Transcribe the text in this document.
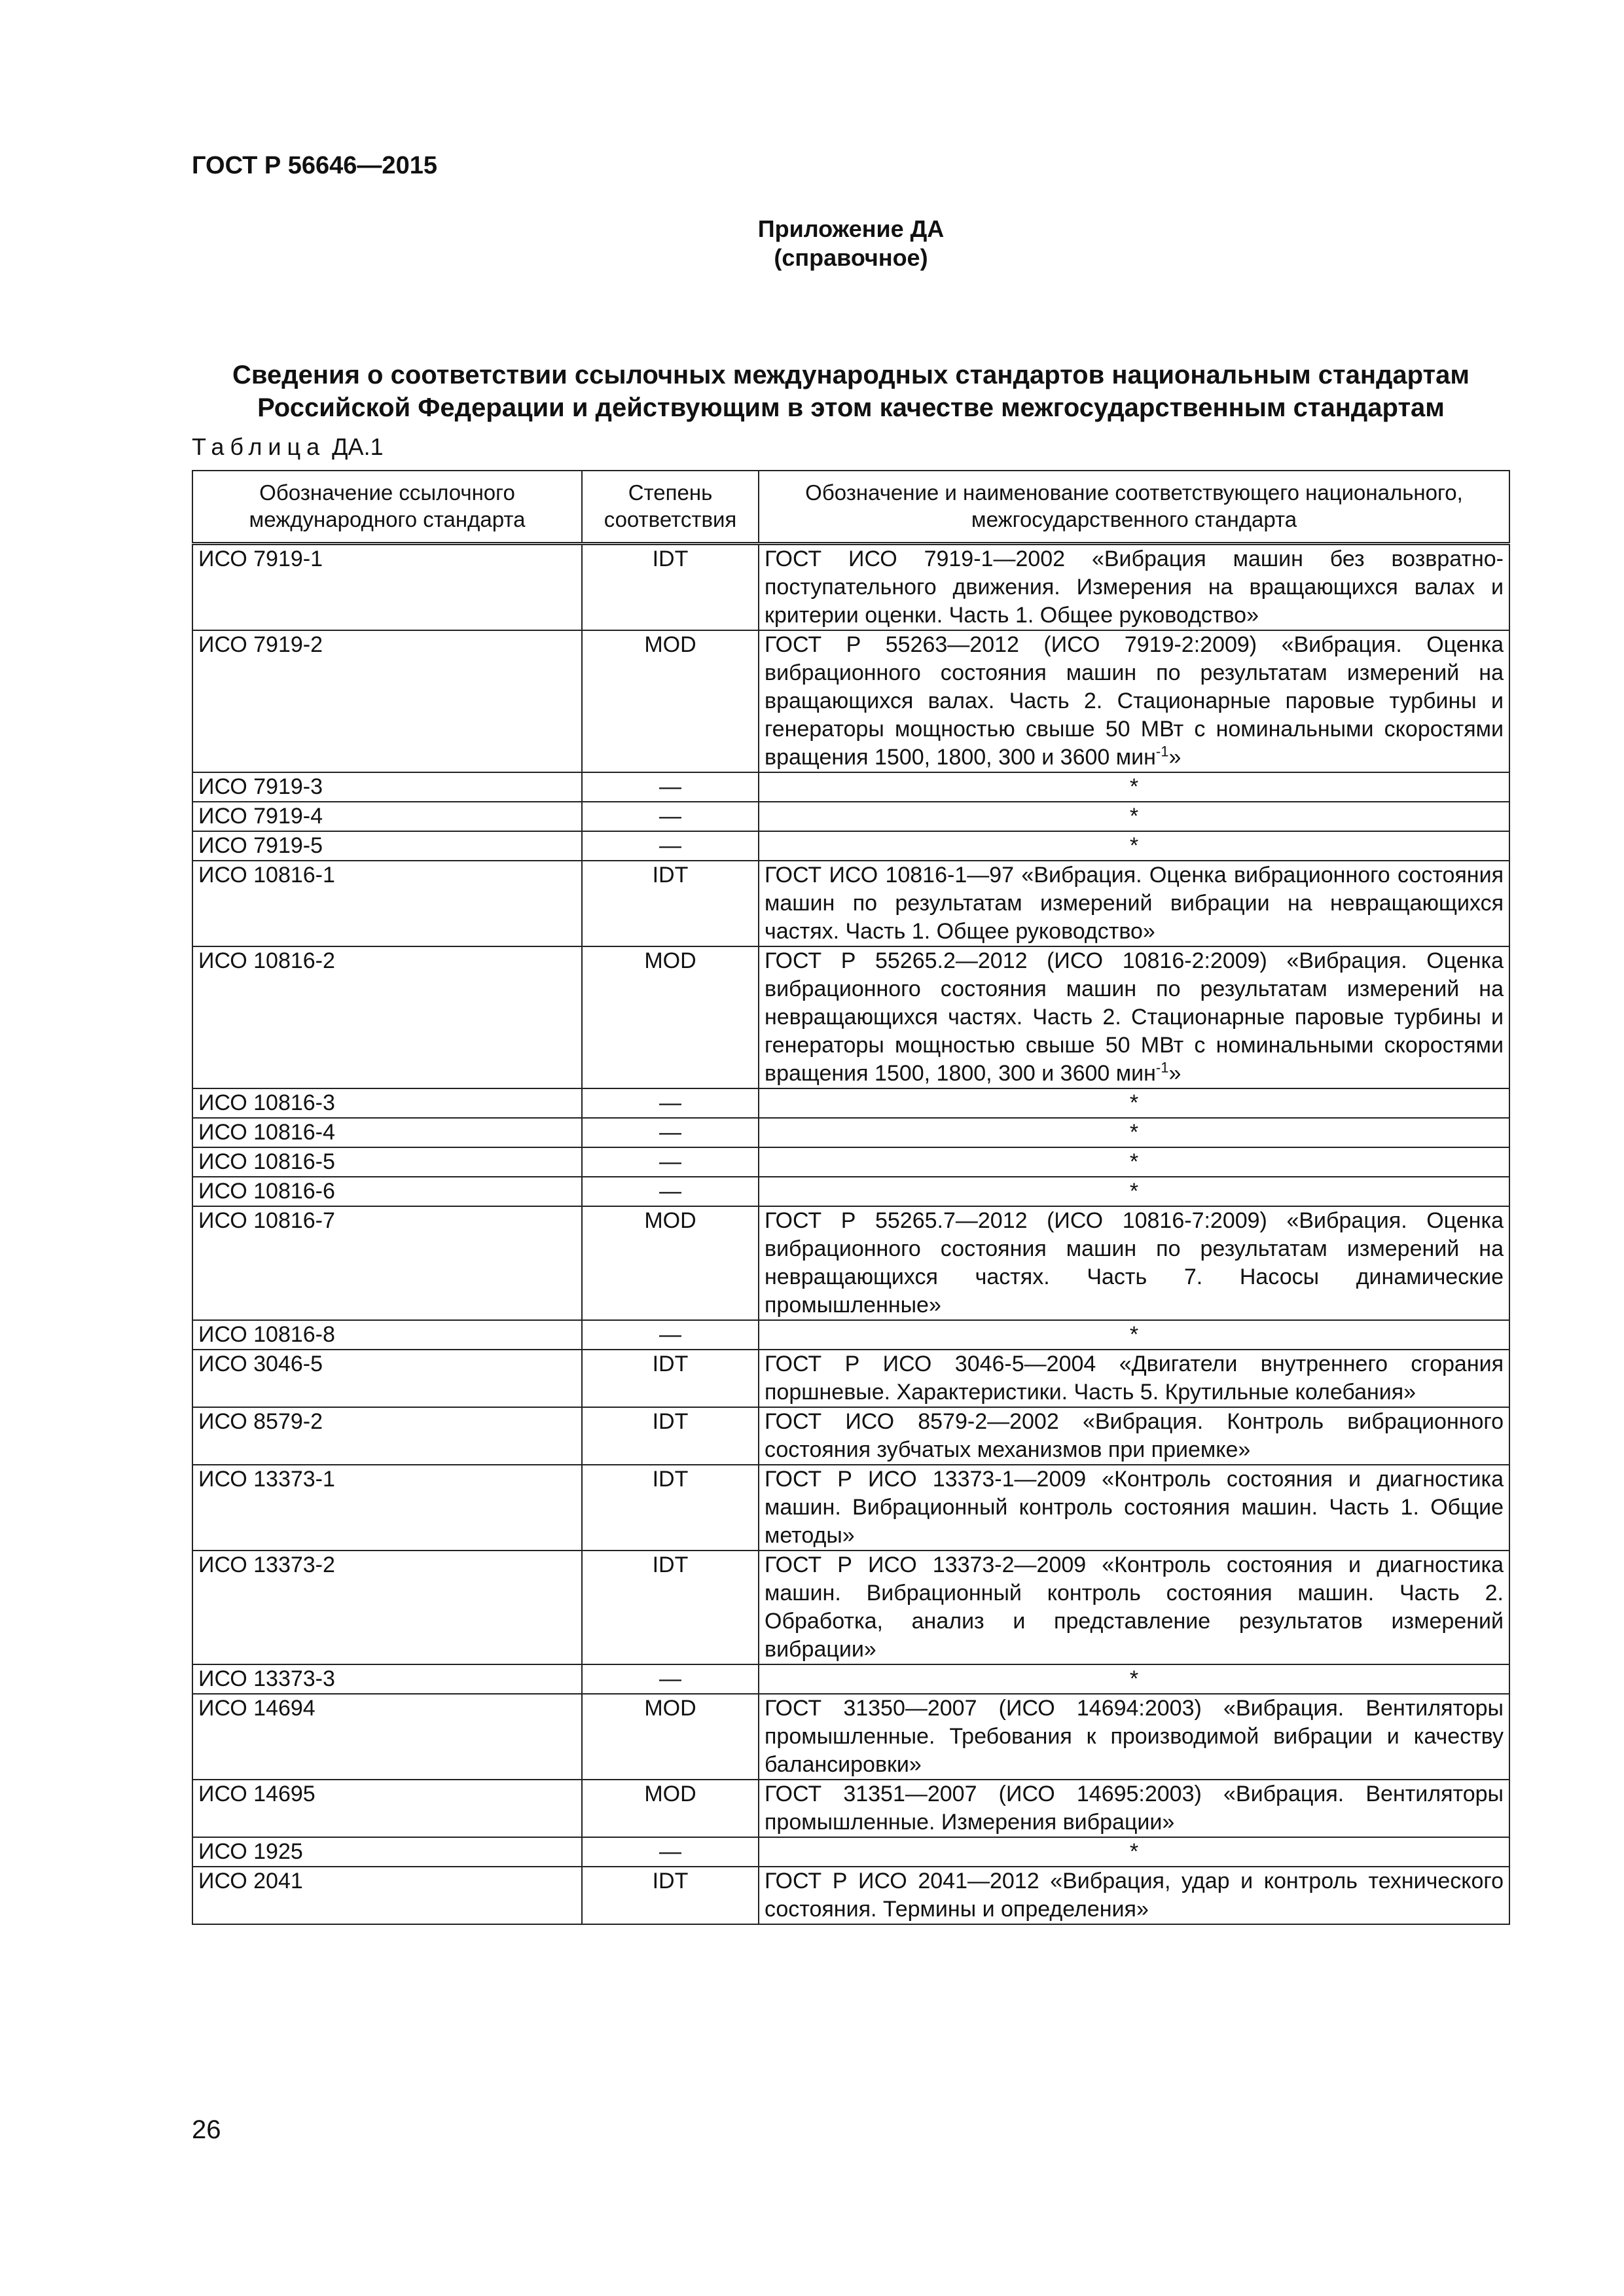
ГОСТ Р 56646—2015
Приложение ДА
(справочное)
Сведения о соответствии ссылочных международных стандартов национальным стандартам
Российской Федерации и действующим в этом качестве межгосударственным стандартам
Таблица ДА.1
Обозначение ссылочного международного стандарта	Степень соответствия	Обозначение и наименование соответствующего национального, межгосударственного стандарта
ИСО 7919-1	IDT	ГОСТ ИСО 7919-1—2002 «Вибрация машин без возвратно-поступательного движения. Измерения на вращающихся валах и критерии оценки. Часть 1. Общее руководство»
ИСО 7919-2	MOD	ГОСТ Р 55263—2012 (ИСО 7919-2:2009) «Вибрация. Оценка вибрационного состояния машин по результатам измерений на вращающихся валах. Часть 2. Стационарные паровые турбины и генераторы мощностью свыше 50 МВт с номинальными скоростями вращения 1500, 1800, 300 и 3600 мин$^{-1}$»
ИСО 7919-3	—	*
ИСО 7919-4	—	*
ИСО 7919-5	—	*
ИСО 10816-1	IDT	ГОСТ ИСО 10816-1—97 «Вибрация. Оценка вибрационного состояния машин по результатам измерений вибрации на невращающихся частях. Часть 1. Общее руководство»
ИСО 10816-2	MOD	ГОСТ Р 55265.2—2012 (ИСО 10816-2:2009) «Вибрация. Оценка вибрационного состояния машин по результатам измерений на невращающихся частях. Часть 2. Стационарные паровые турбины и генераторы мощностью свыше 50 МВт с номинальными скоростями вращения 1500, 1800, 300 и 3600 мин$^{-1}$»
ИСО 10816-3	—	*
ИСО 10816-4	—	*
ИСО 10816-5	—	*
ИСО 10816-6	—	*
ИСО 10816-7	MOD	ГОСТ Р 55265.7—2012 (ИСО 10816-7:2009) «Вибрация. Оценка вибрационного состояния машин по результатам измерений на невращающихся частях. Часть 7. Насосы динамические промышленные»
ИСО 10816-8	—	*
ИСО 3046-5	IDT	ГОСТ Р ИСО 3046-5—2004 «Двигатели внутреннего сгорания поршневые. Характеристики. Часть 5. Крутильные колебания»
ИСО 8579-2	IDT	ГОСТ ИСО 8579-2—2002 «Вибрация. Контроль вибрационного состояния зубчатых механизмов при приемке»
ИСО 13373-1	IDT	ГОСТ Р ИСО 13373-1—2009 «Контроль состояния и диагностика машин. Вибрационный контроль состояния машин. Часть 1. Общие методы»
ИСО 13373-2	IDT	ГОСТ Р ИСО 13373-2—2009 «Контроль состояния и диагностика машин. Вибрационный контроль состояния машин. Часть 2. Обработка, анализ и представление результатов измерений вибрации»
ИСО 13373-3	—	*
ИСО 14694	MOD	ГОСТ 31350—2007 (ИСО 14694:2003) «Вибрация. Вентиляторы промышленные. Требования к производимой вибрации и качеству балансировки»
ИСО 14695	MOD	ГОСТ 31351—2007 (ИСО 14695:2003) «Вибрация. Вентиляторы промышленные. Измерения вибрации»
ИСО 1925	—	*
ИСО 2041	IDT	ГОСТ Р ИСО 2041—2012 «Вибрация, удар и контроль технического состояния. Термины и определения»
26
